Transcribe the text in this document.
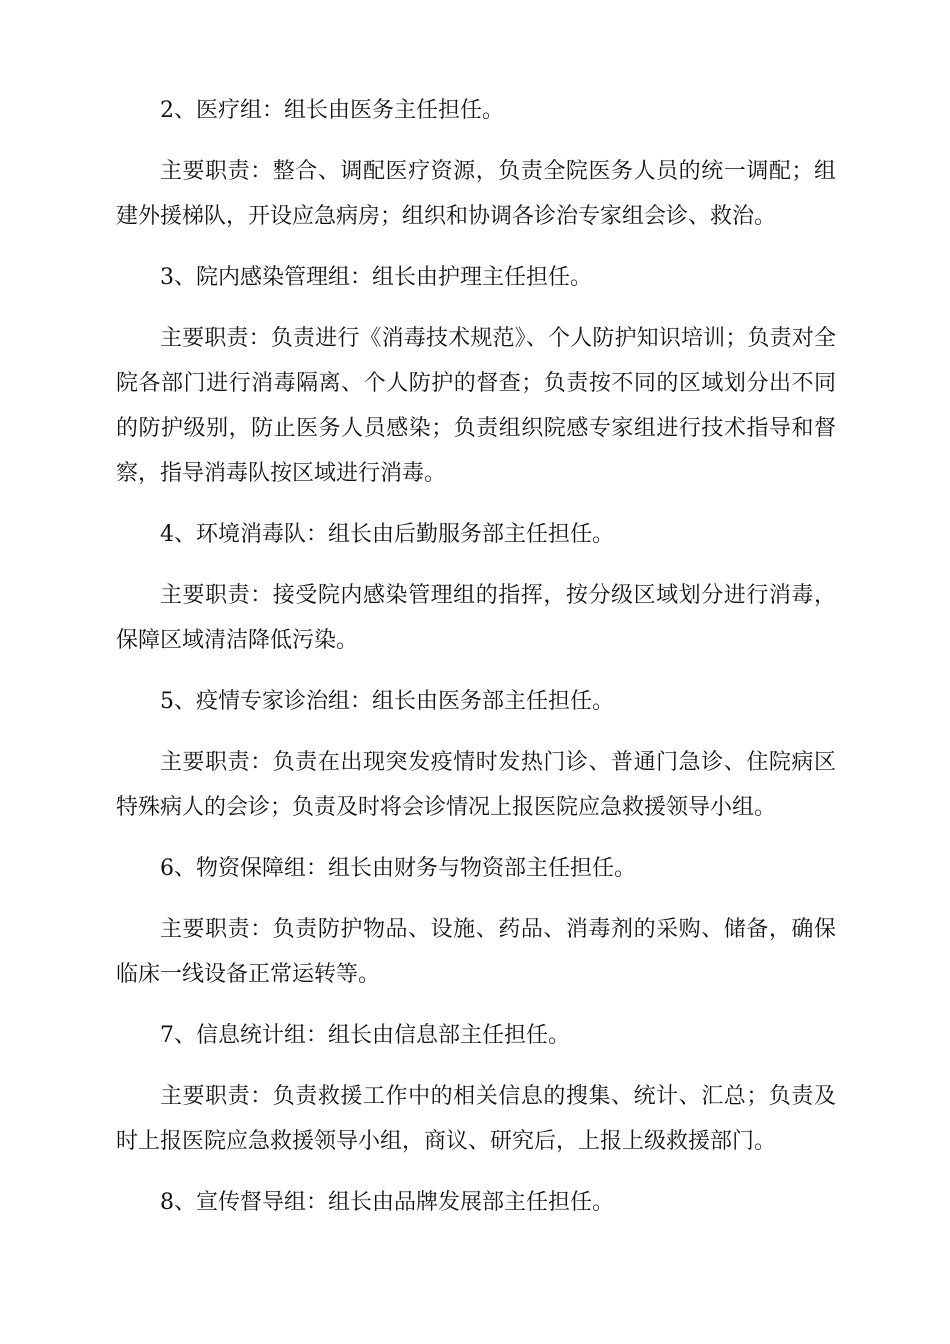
2、医疗组：组长由医务主任担任。

主要职责：整合、调配医疗资源，负责全院医务人员的统一调配；组建外援梯队，开设应急病房；组织和协调各诊治专家组会诊、救治。

3、院内感染管理组：组长由护理主任担任。

主要职责：负责进行《消毒技术规范》、个人防护知识培训；负责对全院各部门进行消毒隔离、个人防护的督查；负责按不同的区域划分出不同的防护级别，防止医务人员感染；负责组织院感专家组进行技术指导和督察，指导消毒队按区域进行消毒。

4、环境消毒队：组长由后勤服务部主任担任。

主要职责：接受院内感染管理组的指挥，按分级区域划分进行消毒，保障区域清洁降低污染。

5、疫情专家诊治组：组长由医务部主任担任。

主要职责：负责在出现突发疫情时发热门诊、普通门急诊、住院病区特殊病人的会诊；负责及时将会诊情况上报医院应急救援领导小组。

6、物资保障组：组长由财务与物资部主任担任。

主要职责：负责防护物品、设施、药品、消毒剂的采购、储备，确保临床一线设备正常运转等。

7、信息统计组：组长由信息部主任担任。

主要职责：负责救援工作中的相关信息的搜集、统计、汇总；负责及时上报医院应急救援领导小组，商议、研究后，上报上级救援部门。

8、宣传督导组：组长由品牌发展部主任担任。
